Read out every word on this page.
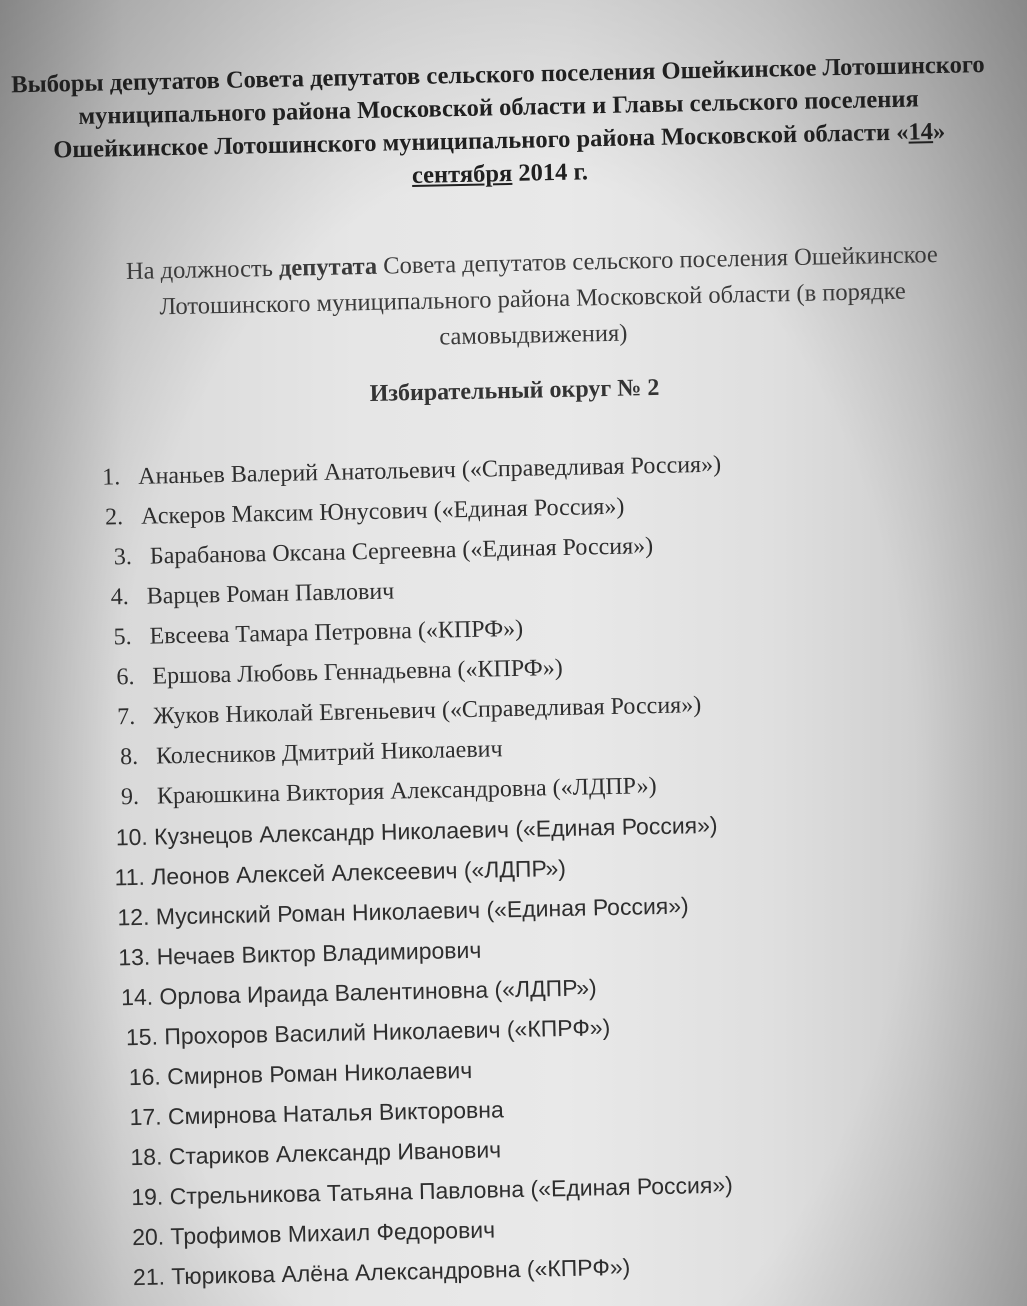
Выборы депутатов Совета депутатов сельского поселения Ошейкинское Лотошинского муниципального района Московской области и Главы сельского поселения Ошейкинское Лотошинского муниципального района Московской области «14» сентября 2014 г.
На должность депутата Совета депутатов сельского поселения Ошейкинское Лотошинского муниципального района Московской области (в порядке самовыдвижения)
Избирательный округ № 2
1. Ананьев Валерий Анатольевич («Справедливая Россия»)
2. Аскеров Максим Юнусович («Единая Россия»)
3. Барабанова Оксана Сергеевна («Единая Россия»)
4. Варцев Роман Павлович
5. Евсеева Тамара Петровна («КПРФ»)
6. Ершова Любовь Геннадьевна («КПРФ»)
7. Жуков Николай Евгеньевич («Справедливая Россия»)
8. Колесников Дмитрий Николаевич
9. Краюшкина Виктория Александровна («ЛДПР»)
10. Кузнецов Александр Николаевич («Единая Россия»)
11. Леонов Алексей Алексеевич («ЛДПР»)
12. Мусинский Роман Николаевич («Единая Россия»)
13. Нечаев Виктор Владимирович
14. Орлова Ираида Валентиновна («ЛДПР»)
15. Прохоров Василий Николаевич («КПРФ»)
16. Смирнов Роман Николаевич
17. Смирнова Наталья Викторовна
18. Стариков Александр Иванович
19. Стрельникова Татьяна Павловна («Единая Россия»)
20. Трофимов Михаил Федорович
21. Тюрикова Алёна Александровна («КПРФ»)
